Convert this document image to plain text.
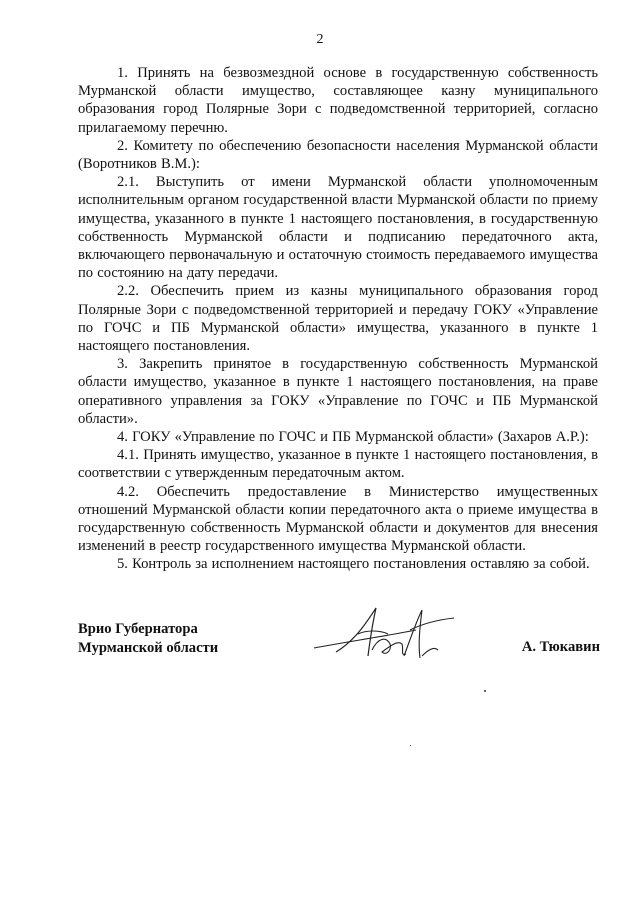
2

1. Принять на безвозмездной основе в государственную собственность Мурманской области имущество, составляющее казну муниципального образования город Полярные Зори с подведомственной территорией, согласно прилагаемому перечню.

2. Комитету по обеспечению безопасности населения Мурманской области (Воротников В.М.):

2.1. Выступить от имени Мурманской области уполномоченным исполнительным органом государственной власти Мурманской области по приему имущества, указанного в пункте 1 настоящего постановления, в государственную собственность Мурманской области и подписанию передаточного акта, включающего первоначальную и остаточную стоимость передаваемого имущества по состоянию на дату передачи.

2.2. Обеспечить прием из казны муниципального образования город Полярные Зори с подведомственной территорией и передачу ГОКУ «Управление по ГОЧС и ПБ Мурманской области» имущества, указанного в пункте 1 настоящего постановления.

3. Закрепить принятое в государственную собственность Мурманской области имущество, указанное в пункте 1 настоящего постановления, на праве оперативного управления за ГОКУ «Управление по ГОЧС и ПБ Мурманской области».

4. ГОКУ «Управление по ГОЧС и ПБ Мурманской области» (Захаров А.Р.):

4.1. Принять имущество, указанное в пункте 1 настоящего постановления, в соответствии с утвержденным передаточным актом.

4.2. Обеспечить предоставление в Министерство имущественных отношений Мурманской области копии передаточного акта о приеме имущества в государственную собственность Мурманской области и документов для внесения изменений в реестр государственного имущества Мурманской области.

5. Контроль за исполнением настоящего постановления оставляю за собой.

Врио Губернатора
Мурманской области	А. Тюкавин
